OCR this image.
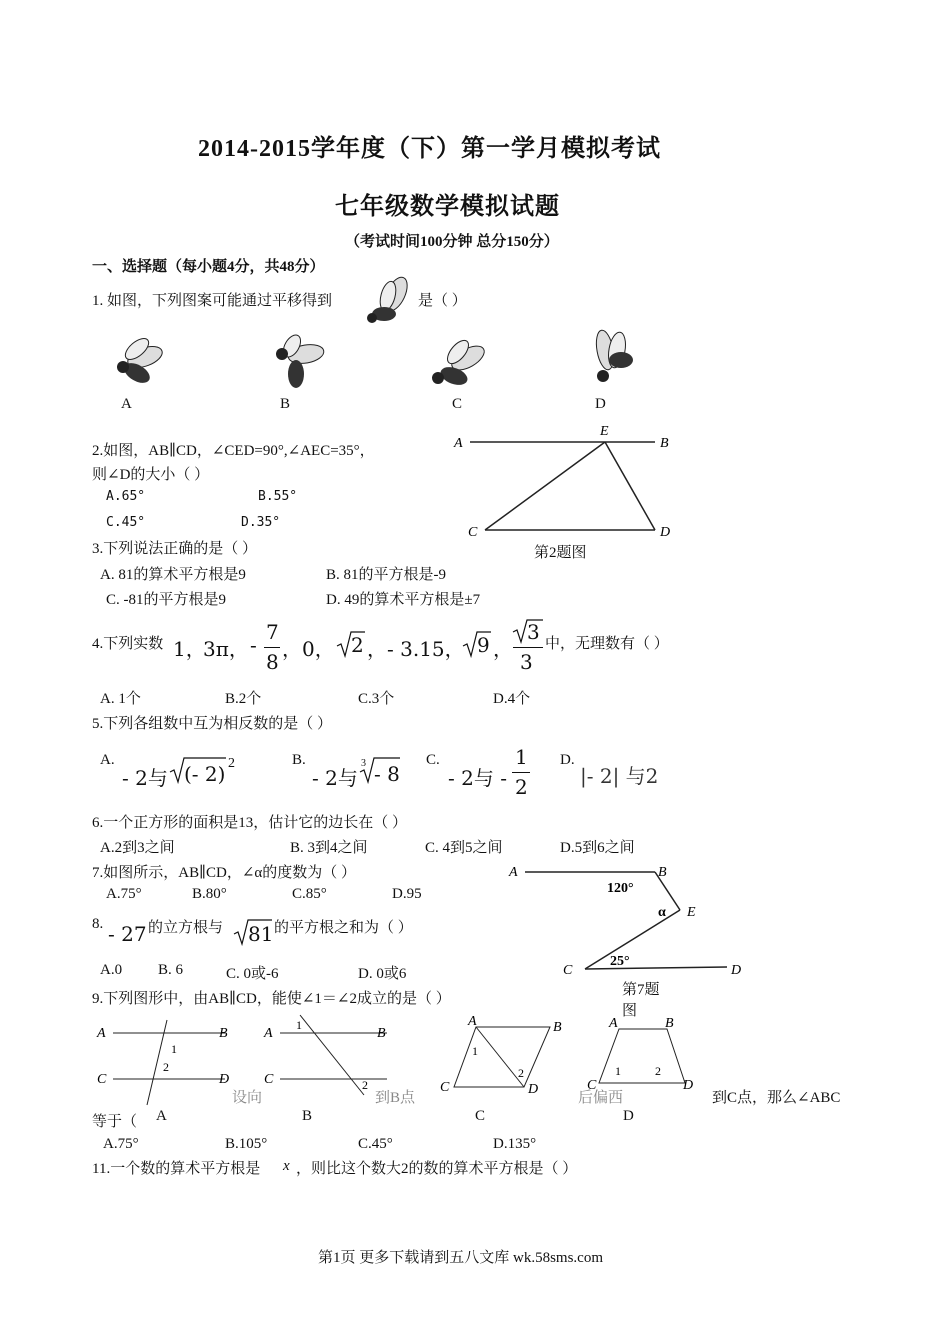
2014-2015学年度（下）第一学月模拟考试
七年级数学模拟试题
（考试时间100分钟 总分150分）
一、选择题（每小题4分，共48分）
1. 如图，下列图案可能通过平移得到	是（ ）
A	B	C	D
2.如图，AB∥CD，∠CED=90°,∠AEC=35°，
则∠D的大小（ ）
A.65°	B.55°
C.45°	D.35°
A	B
E
C	D
第2题图
3.下列说法正确的是（ ）
A. 81的算术平方根是9	B. 81的平方根是-9
C. -81的平方根是9	D. 49的算术平方根是±7
4.下列实数 1，
3π， -
7
8
，0， 2 ，- 3.15， 9 ，
3
3
中，无理数有（ ）
A. 1个	B.2个	C.3个	D.4个
5.下列各组数中互为相反数的是（ ）
A.
- 2与 (- 2) 2	B.
- 2与
3 - 8
C.
- 2与 -
1
2
D.
|- 2| 与2
6.一个正方形的面积是13，估计它的边长在（ ）
A.2到3之间	B. 3到4之间	C. 4到5之间	D.5到6之间
7.如图所示，AB∥CD，∠α的度数为（ ）
A.75°	B.80°	C.85°	D.95
A	B
E
C	D
120°
α
25°
第7题
图
8. - 27 的立方根与 81 的平方根之和为（ ）
A.0 B. 6	C. 0或-6	D. 0或6
9.下列图形中，由AB∥CD，能使∠1＝∠2成立的是（ ）
A	B
C	D
1
2
A	B
C
1
2
A	B
C	D
1
2
A	B
C	D
1	2
设向	到B点	后偏西	到C点，那么∠ABC
等于（ A	B	C	D
A.75°	B.105°	C.45°	D.135°
11.一个数的算术平方根是 x ，则比这个数大2的数的算术平方根是（ ）
第1页 更多下载请到五八文库 wk.58sms.com
